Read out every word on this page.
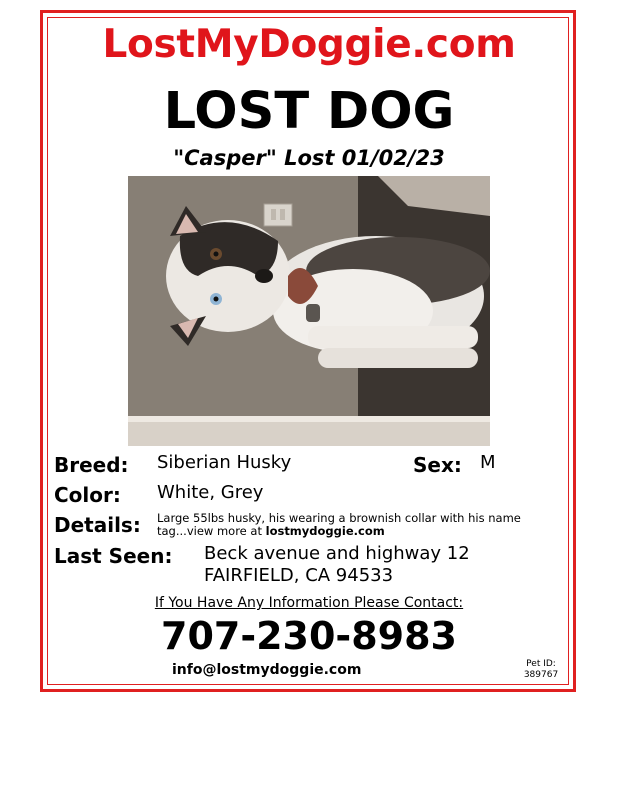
LostMyDoggie.com
LOST DOG
"Casper" Lost 01/02/23
Breed: Siberian Husky	Sex: M
Color: White, Grey
Details: Large 55lbs husky, his wearing a brownish collar with his name tag...view more at lostmydoggie.com
Last Seen: Beck avenue and highway 12
FAIRFIELD, CA 94533
If You Have Any Information Please Contact:
707-230-8983
info@lostmydoggie.com	Pet ID:
389767
